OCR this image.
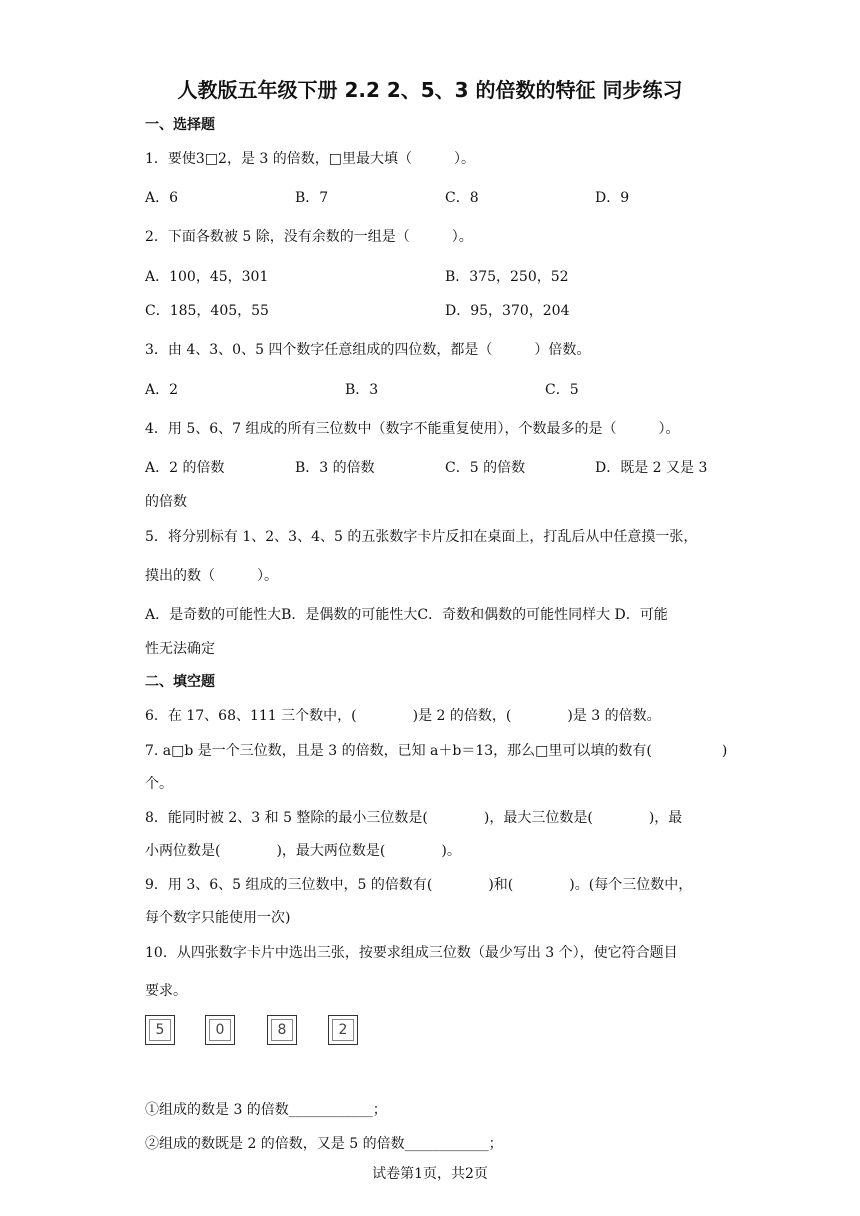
人教版五年级下册 2.2 2、5、3 的倍数的特征 同步练习
一、选择题
1．要使3□2，是 3 的倍数，□里最大填（　　　）。
A．6	B．7	C．8	D．9
2．下面各数被 5 除，没有余数的一组是（　　　）。
A．100，45，301	B．375，250，52
C．185，405，55	D．95，370，204
3．由 4、3、0、5 四个数字任意组成的四位数，都是（　　　）倍数。
A．2	B．3	C．5
4．用 5、6、7 组成的所有三位数中（数字不能重复使用），个数最多的是（　　　）。
A．2 的倍数	B．3 的倍数	C．5 的倍数	D．既是 2 又是 3
的倍数
5．将分别标有 1、2、3、4、5 的五张数字卡片反扣在桌面上，打乱后从中任意摸一张，
摸出的数（　　　）。
A．是奇数的可能性大B．是偶数的可能性大C．奇数和偶数的可能性同样大 D．可能
性无法确定
二、填空题
6．在 17、68、111 三个数中，(　　　　)是 2 的倍数，(　　　　)是 3 的倍数。
7. a□b 是一个三位数，且是 3 的倍数，已知 a＋b＝13，那么□里可以填的数有(　　　　　)
个。
8．能同时被 2、3 和 5 整除的最小三位数是(　　　　)，最大三位数是(　　　　)，最
小两位数是(　　　　)，最大两位数是(　　　　)。
9．用 3、6、5 组成的三位数中，5 的倍数有(　　　　)和(　　　　)。(每个三位数中，
每个数字只能使用一次)
10．从四张数字卡片中选出三张，按要求组成三位数（最少写出 3 个），使它符合题目
要求。
5	0	8	2
①组成的数是 3 的倍数____________；
②组成的数既是 2 的倍数，又是 5 的倍数____________；
试卷第1页，共2页
